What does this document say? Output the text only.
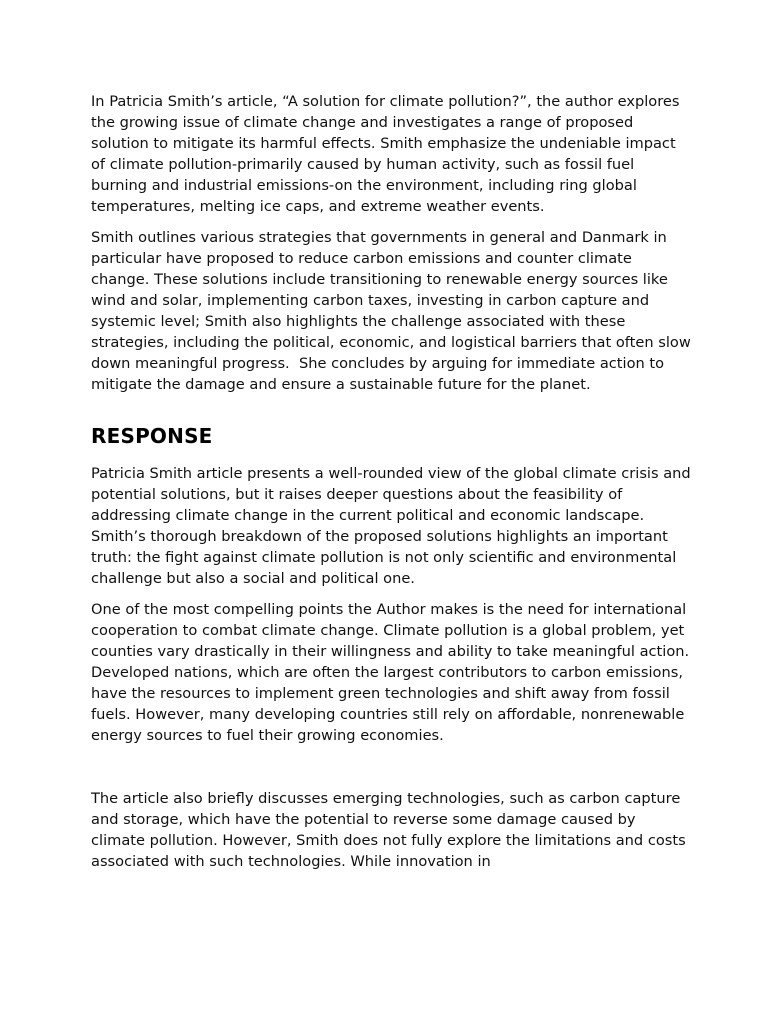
In Patricia Smith’s article, “A solution for climate pollution?”, the author explores the growing issue of climate change and investigates a range of proposed solution to mitigate its harmful effects. Smith emphasize the undeniable impact of climate pollution-primarily caused by human activity, such as fossil fuel burning and industrial emissions-on the environment, including ring global temperatures, melting ice caps, and extreme weather events.

Smith outlines various strategies that governments in general and Danmark in particular have proposed to reduce carbon emissions and counter climate change. These solutions include transitioning to renewable energy sources like wind and solar, implementing carbon taxes, investing in carbon capture and systemic level; Smith also highlights the challenge associated with these strategies, including the political, economic, and logistical barriers that often slow down meaningful progress.  She concludes by arguing for immediate action to mitigate the damage and ensure a sustainable future for the planet.

RESPONSE

Patricia Smith article presents a well-rounded view of the global climate crisis and potential solutions, but it raises deeper questions about the feasibility of addressing climate change in the current political and economic landscape. Smith’s thorough breakdown of the proposed solutions highlights an important truth: the fight against climate pollution is not only scientific and environmental challenge but also a social and political one.

One of the most compelling points the Author makes is the need for international cooperation to combat climate change. Climate pollution is a global problem, yet counties vary drastically in their willingness and ability to take meaningful action. Developed nations, which are often the largest contributors to carbon emissions, have the resources to implement green technologies and shift away from fossil fuels. However, many developing countries still rely on affordable, nonrenewable energy sources to fuel their growing economies.

The article also briefly discusses emerging technologies, such as carbon capture and storage, which have the potential to reverse some damage caused by climate pollution. However, Smith does not fully explore the limitations and costs associated with such technologies. While innovation in
